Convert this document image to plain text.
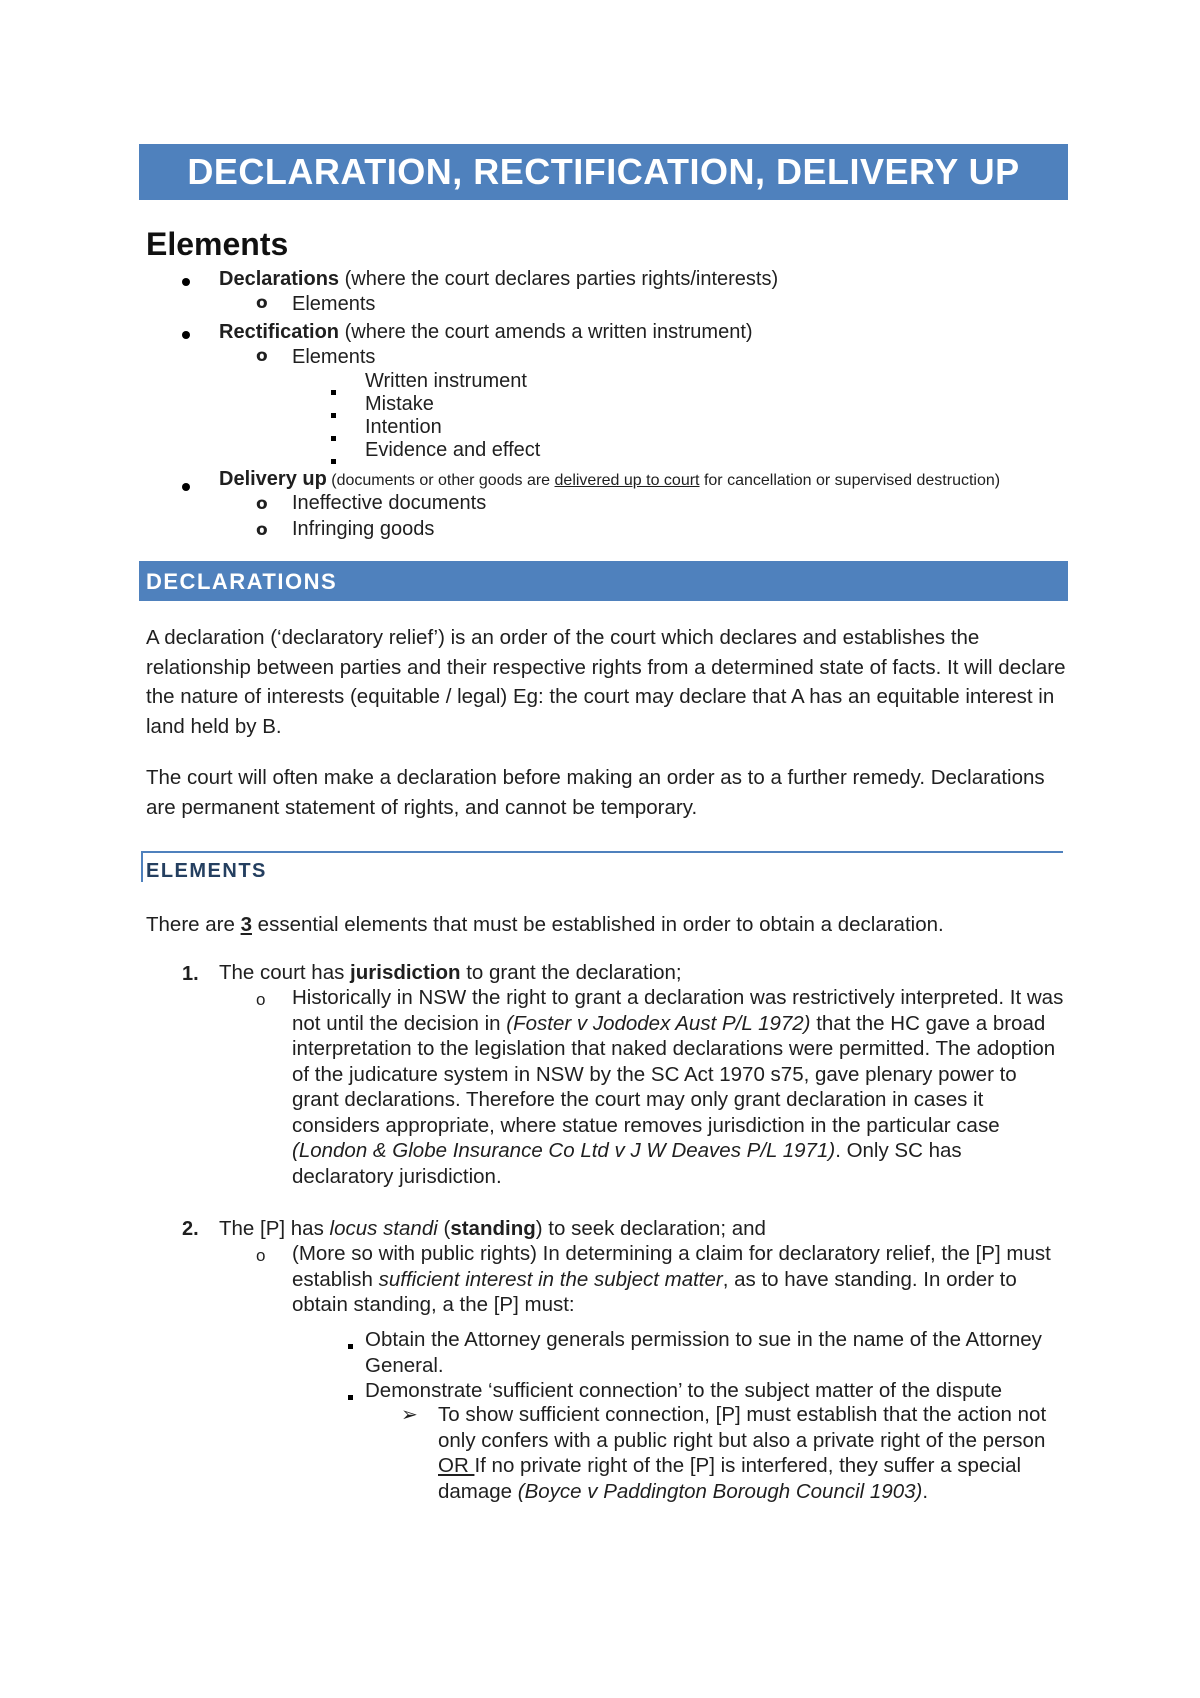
DECLARATION, RECTIFICATION, DELIVERY UP
Elements
Declarations (where the court declares parties rights/interests)
o Elements
Rectification (where the court amends a written instrument)
o Elements
Written instrument
Mistake
Intention
Evidence and effect
Delivery up (documents or other goods are delivered up to court for cancellation or supervised destruction)
o Ineffective documents
o Infringing goods
DECLARATIONS

A declaration (‘declaratory relief’) is an order of the court which declares and establishes the relationship between parties and their respective rights from a determined state of facts. It will declare the nature of interests (equitable / legal) Eg: the court may declare that A has an equitable interest in land held by B.

The court will often make a declaration before making an order as to a further remedy. Declarations are permanent statement of rights, and cannot be temporary.

ELEMENTS
There are 3 essential elements that must be established in order to obtain a declaration.
1. The court has jurisdiction to grant the declaration;
o Historically in NSW the right to grant a declaration was restrictively interpreted. It was not until the decision in (Foster v Jododex Aust P/L 1972) that the HC gave a broad interpretation to the legislation that naked declarations were permitted. The adoption of the judicature system in NSW by the SC Act 1970 s75, gave plenary power to grant declarations. Therefore the court may only grant declaration in cases it considers appropriate, where statue removes jurisdiction in the particular case (London & Globe Insurance Co Ltd v J W Deaves P/L 1971). Only SC has declaratory jurisdiction.
2. The [P] has locus standi (standing) to seek declaration; and
o (More so with public rights) In determining a claim for declaratory relief, the [P] must establish sufficient interest in the subject matter, as to have standing. In order to obtain standing, a the [P] must:
Obtain the Attorney generals permission to sue in the name of the Attorney General.
Demonstrate ‘sufficient connection’ to the subject matter of the dispute
➢ To show sufficient connection, [P] must establish that the action not only confers with a public right but also a private right of the person OR If no private right of the [P] is interfered, they suffer a special damage (Boyce v Paddington Borough Council 1903).
